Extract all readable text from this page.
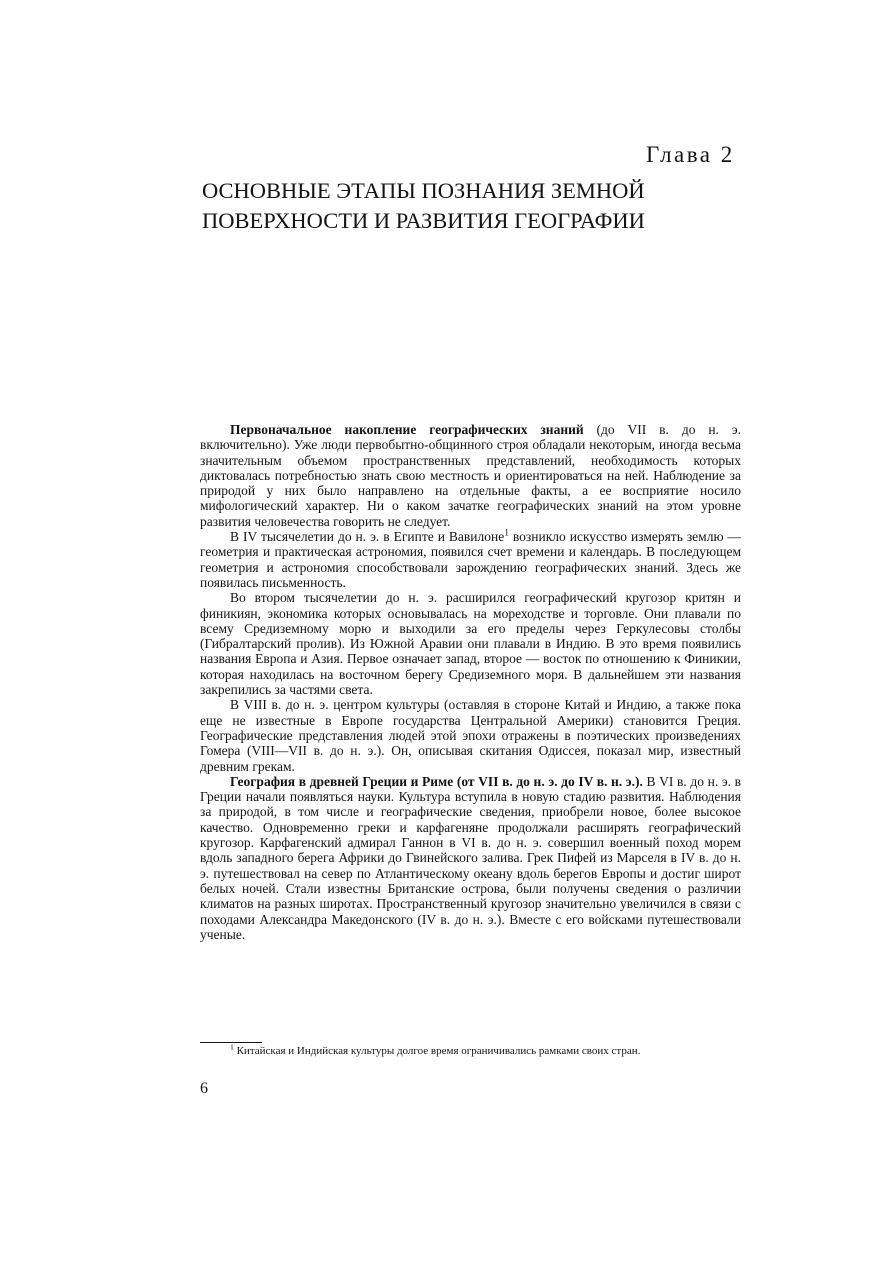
Глава 2
ОСНОВНЫЕ ЭТАПЫ ПОЗНАНИЯ ЗЕМНОЙ
ПОВЕРХНОСТИ И РАЗВИТИЯ ГЕОГРАФИИ

Первоначальное накопление географических знаний (до VII в. до н. э. включительно). Уже люди первобытно-общинного строя обладали некоторым, иногда весьма значительным объемом пространственных представлений, необходимость которых диктовалась потребностью знать свою местность и ориентироваться на ней. Наблюдение за природой у них было направлено на отдельные факты, а ее восприятие носило мифологический характер. Ни о каком зачатке географических знаний на этом уровне развития человечества говорить не следует.

В IV тысячелетии до н. э. в Египте и Вавилоне$^1$ возникло искусство измерять землю — геометрия и практическая астрономия, появился счет времени и календарь. В последующем геометрия и астрономия способствовали зарождению географических знаний. Здесь же появилась письменность.

Во втором тысячелетии до н. э. расширился географический кругозор критян и финикиян, экономика которых основывалась на мореходстве и торговле. Они плавали по всему Средиземному морю и выходили за его пределы через Геркулесовы столбы (Гибралтарский пролив). Из Южной Аравии они плавали в Индию. В это время появились названия Европа и Азия. Первое означает запад, второе — восток по отношению к Финикии, которая находилась на восточном берегу Средиземного моря. В дальнейшем эти названия закрепились за частями света.

В VIII в. до н. э. центром культуры (оставляя в стороне Китай и Индию, а также пока еще не известные в Европе государства Центральной Америки) становится Греция. Географические представления людей этой эпохи отражены в поэтических произведениях Гомера (VIII—VII в. до н. э.). Он, описывая скитания Одиссея, показал мир, известный древним грекам.

География в древней Греции и Риме (от VII в. до н. э. до IV в. н. э.). В VI в. до н. э. в Греции начали появляться науки. Культура вступила в новую стадию развития. Наблюдения за природой, в том числе и географические сведения, приобрели новое, более высокое качество. Одновременно греки и карфагеняне продолжали расширять географический кругозор. Карфагенский адмирал Ганнон в VI в. до н. э. совершил военный поход морем вдоль западного берега Африки до Гвинейского залива. Грек Пифей из Марселя в IV в. до н. э. путешествовал на север по Атлантическому океану вдоль берегов Европы и достиг широт белых ночей. Стали известны Британские острова, были получены сведения о различии климатов на разных широтах. Пространственный кругозор значительно увеличился в связи с походами Александра Македонского (IV в. до н. э.). Вместе с его войсками путешествовали ученые.

$^1$ Китайская и Индийская культуры долгое время ограничивались рамками своих стран.
6
